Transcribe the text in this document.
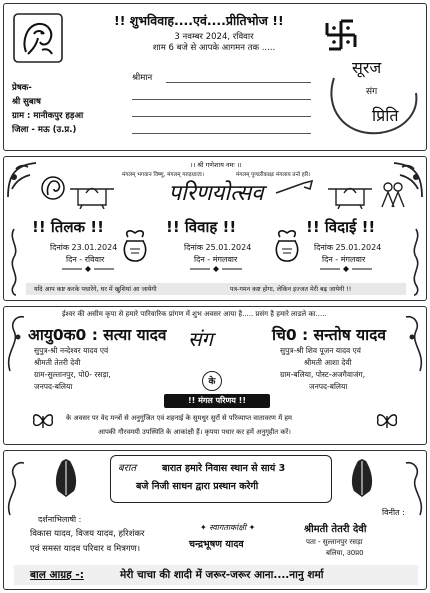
!! शुभविवाह....एवं....प्रीतिभोज !!
3 नवम्बर 2024, रविवार
शाम 6 बजे से आपके आगमन तक .....
सूरज
संग
प्रिति
श्रीमान
प्रेषक-
श्री सुबाष
ग्राम : मानीकपुर हड़आ
जिला - मऊ (उ.प्र.)
।। श्री गणेशाय नमः ।।
मंगलम् भगवान विष्णु, मंगलम् गरुड़ध्वजः।	मंगलम् पुण्डरीकाक्षः मंगलाय तनो हरि।
परिणयोत्सव
!! तिलक !!	!! विवाह !!	!! विदाई !!
दिनांक 23.01.2024
दिन - रविवार
दिनांक 25.01.2024
दिन - मंगलवार
दिनांक 25.01.2024
दिन - मंगलवार
यदि आप कष्ट करके पधारेंगे, घर में खुशियां आ जायेगी	पत्र-गमन कष्ट होगा, लेकिन इज्जत मेरी बढ़ जायेगी !!
ईश्वर की असीम कृपा से हमारे पारिवारिक प्रांगण में शुभ अवसर आया है..... प्रसंग है हमारे लाडले का.....
आयु0क0 : सत्या यादव
सुपुत्र-श्री नन्देश्वर यादव एवं
श्रीमती तेतरी देवी
ग्राम-सुल्तानपुर, पो0- रसड़ा,
जनपद-बलिया
चि0 : सन्तोष यादव
सुपुत्र-श्री शिव पूजन यादव एवं
श्रीमती आशा देवी
ग्राम-बलिया, पोस्ट-अजगैवाजंग,
जनपद-बलिया
संग
के
!! मंगल परिणय !!
के अवसर पर वेद मन्त्रों से अनुगुंजित एवं शहनाई के सुमधुर सुरों से परिव्याप्त वातावरण में हम
आपकी गौरवमयी उपस्थिति के आकांक्षी हैं। कृपया पधार कर हमें अनुगृहीत करें।
बरात	बारात हमारे निवास स्थान से सायं 3
बजे निजी साधन द्वारा प्रस्थान करेगी
विनीत :
श्रीमती तेतरी देवी
पता - सुल्तानपुर रसड़ा
बलिया, उ0प्र0
दर्शनाभिलाषी :
विकास यादव, विजय यादव, हरिशंकर
एवं समस्त यादव परिवार व मित्रगण।
✦ स्वागताकांक्षी ✦
चन्द्रभूषण यादव
बाल आग्रह -:	मेरी चाचा की शादी में जरूर-जरूर आना....नानु शर्मा
